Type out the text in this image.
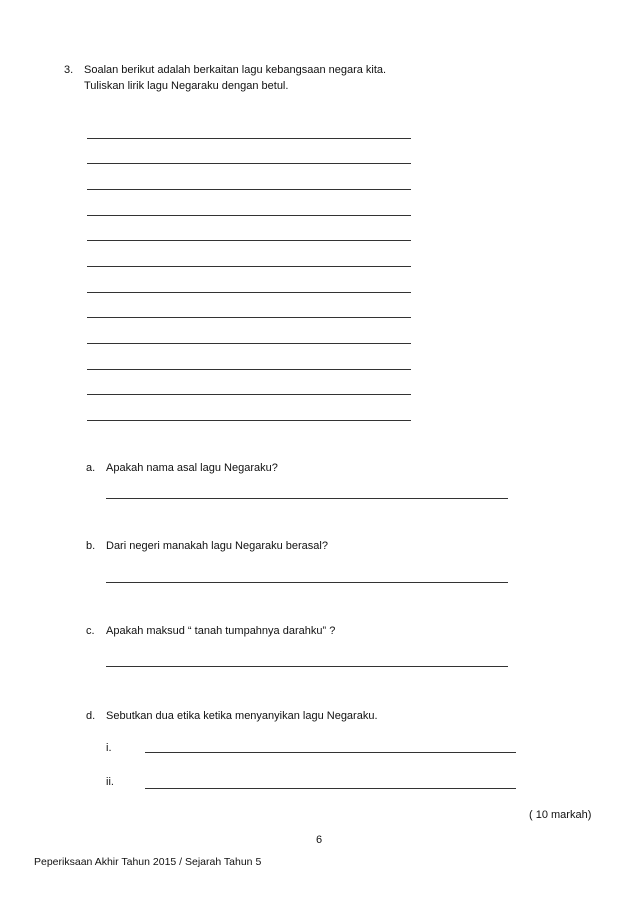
3. Soalan berikut adalah berkaitan lagu kebangsaan negara kita.
Tuliskan lirik lagu Negaraku dengan betul.
a. Apakah nama asal lagu Negaraku?
b. Dari negeri manakah lagu Negaraku berasal?
c. Apakah maksud “ tanah tumpahnya darahku” ?
d. Sebutkan dua etika ketika menyanyikan lagu Negaraku.
i.
ii.
( 10 markah)
6
Peperiksaan Akhir Tahun 2015 / Sejarah Tahun 5
